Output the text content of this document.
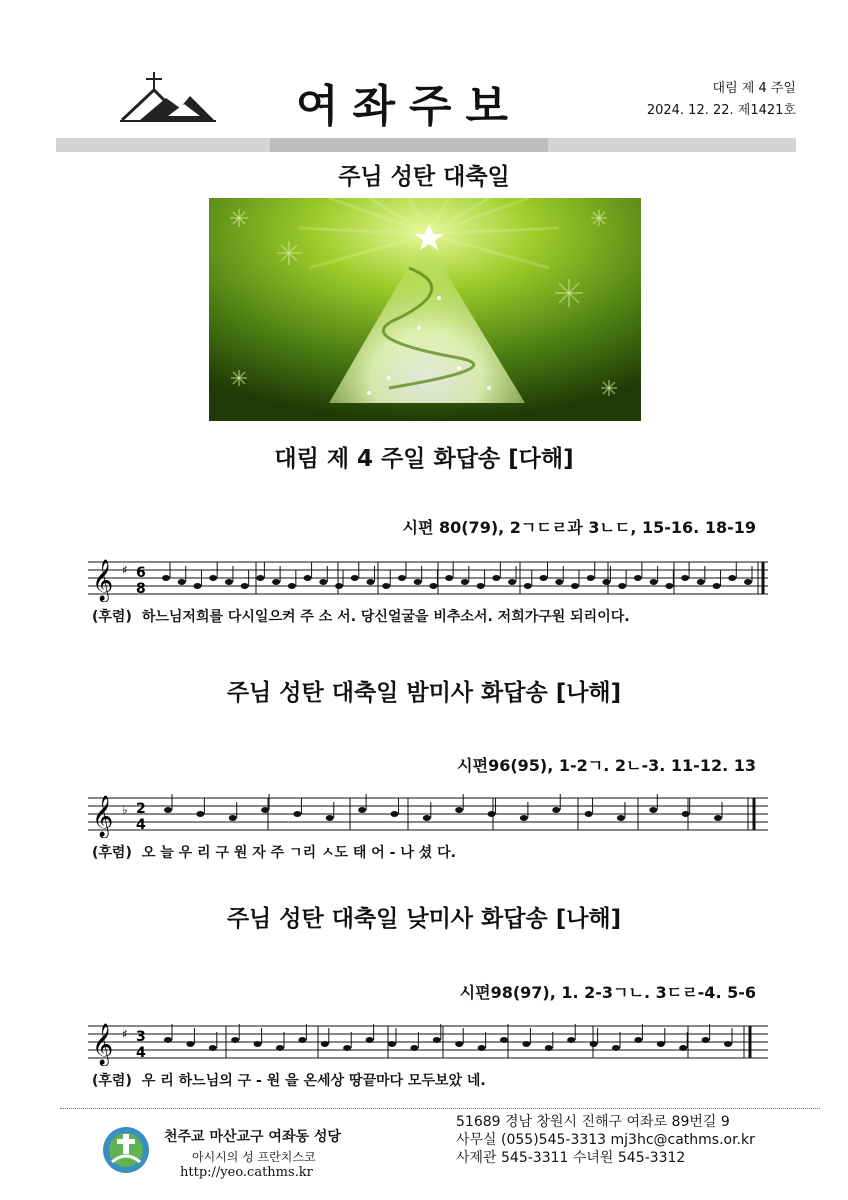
여좌주보	대림 제 4 주일
2024. 12. 22. 제1421호
주님 성탄 대축일
대림 제 4 주일 화답송 [다해]
시편 80(79), 2ㄱㄷㄹ과 3ㄴㄷ, 15-16. 18-19
𝄞 ♯ 6
8
(후렴) 하느님저희를 다시일으켜 주 소 서. 당신얼굴을 비추소서. 저희가구원 되리이다.
주님 성탄 대축일 밤미사 화답송 [나해]
시편96(95), 1-2ㄱ. 2ㄴ-3. 11-12. 13
𝄞 ♭ 2
4
(후렴) 오 늘 우 리 구 원 자 주 ㄱ리 ㅅ도 태 어 - 나 셨 다.
주님 성탄 대축일 낮미사 화답송 [나해]
시편98(97), 1. 2-3ㄱㄴ. 3ㄷㄹ-4. 5-6
𝄞 ♯ 3
4
(후렴) 우 리 하느님의 구 - 원 을 온세상 땅끝마다 모두보았 네.
천주교 마산교구 여좌동 성당
아시시의 성 프란치스코
http://yeo.cathms.kr
51689 경남 창원시 진해구 여좌로 89번길 9
사무실 (055)545-3313 mj3hc@cathms.or.kr
사제관 545-3311 수녀원 545-3312
